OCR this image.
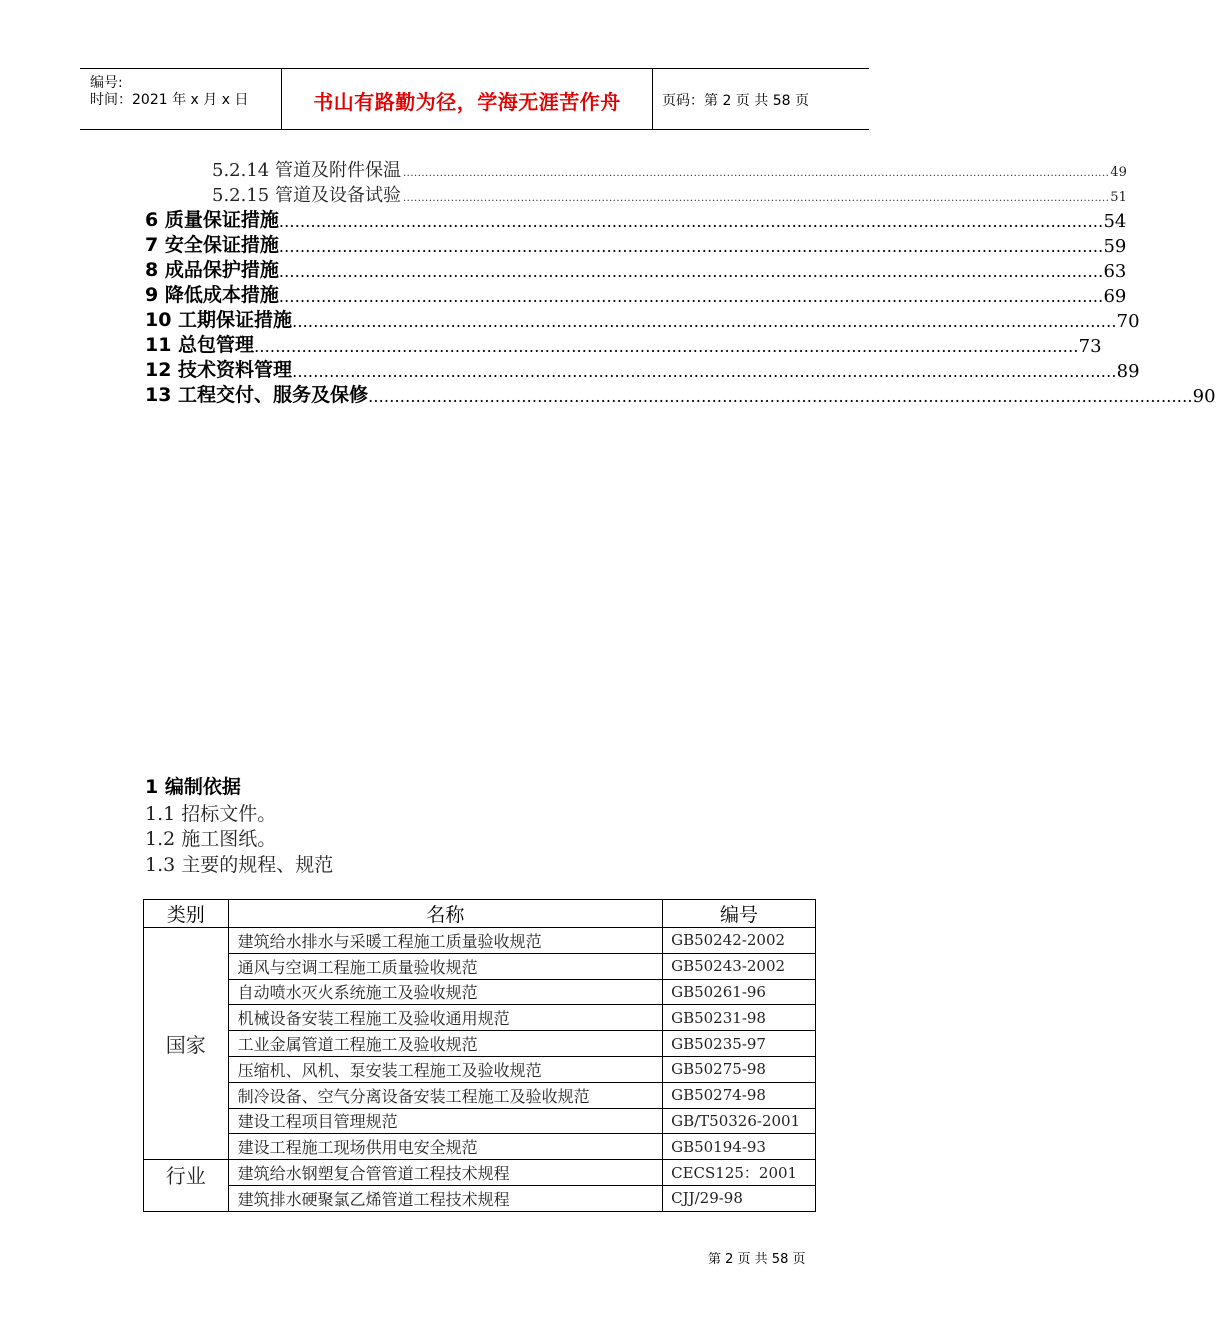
编号:
时间：2021 年 x 月 x 日	书山有路勤为径，学海无涯苦作舟	页码：第 2 页 共 58 页
5.2.14 管道及附件保温 ................................................................................................................................................................................................ 49
5.2.15 管道及设备试验 ................................................................................................................................................................................................ 51
6 质量保证措施 ............................................................................................................................................................ 54
7 安全保证措施 ............................................................................................................................................................ 59
8 成品保护措施 ............................................................................................................................................................ 63
9 降低成本措施 ............................................................................................................................................................ 69
10 工期保证措施 ............................................................................................................................................................ 70
11 总包管理 ............................................................................................................................................................ 73
12 技术资料管理 ............................................................................................................................................................ 89
13 工程交付、服务及保修 ............................................................................................................................................................ 90
1 编制依据
1.1 招标文件。
1.2 施工图纸。
1.3 主要的规程、规范
类别	名称	编号
国家	建筑给水排水与采暖工程施工质量验收规范	GB50242-2002
	通风与空调工程施工质量验收规范	GB50243-2002
	自动喷水灭火系统施工及验收规范	GB50261-96
	机械设备安装工程施工及验收通用规范	GB50231-98
	工业金属管道工程施工及验收规范	GB50235-97
	压缩机、风机、泵安装工程施工及验收规范	GB50275-98
	制冷设备、空气分离设备安装工程施工及验收规范	GB50274-98
	建设工程项目管理规范	GB/T50326-2001
	建设工程施工现场供用电安全规范	GB50194-93
行业	建筑给水钢塑复合管管道工程技术规程	CECS125：2001
	建筑排水硬聚氯乙烯管道工程技术规程	CJJ/29-98
第 2 页 共 58 页
